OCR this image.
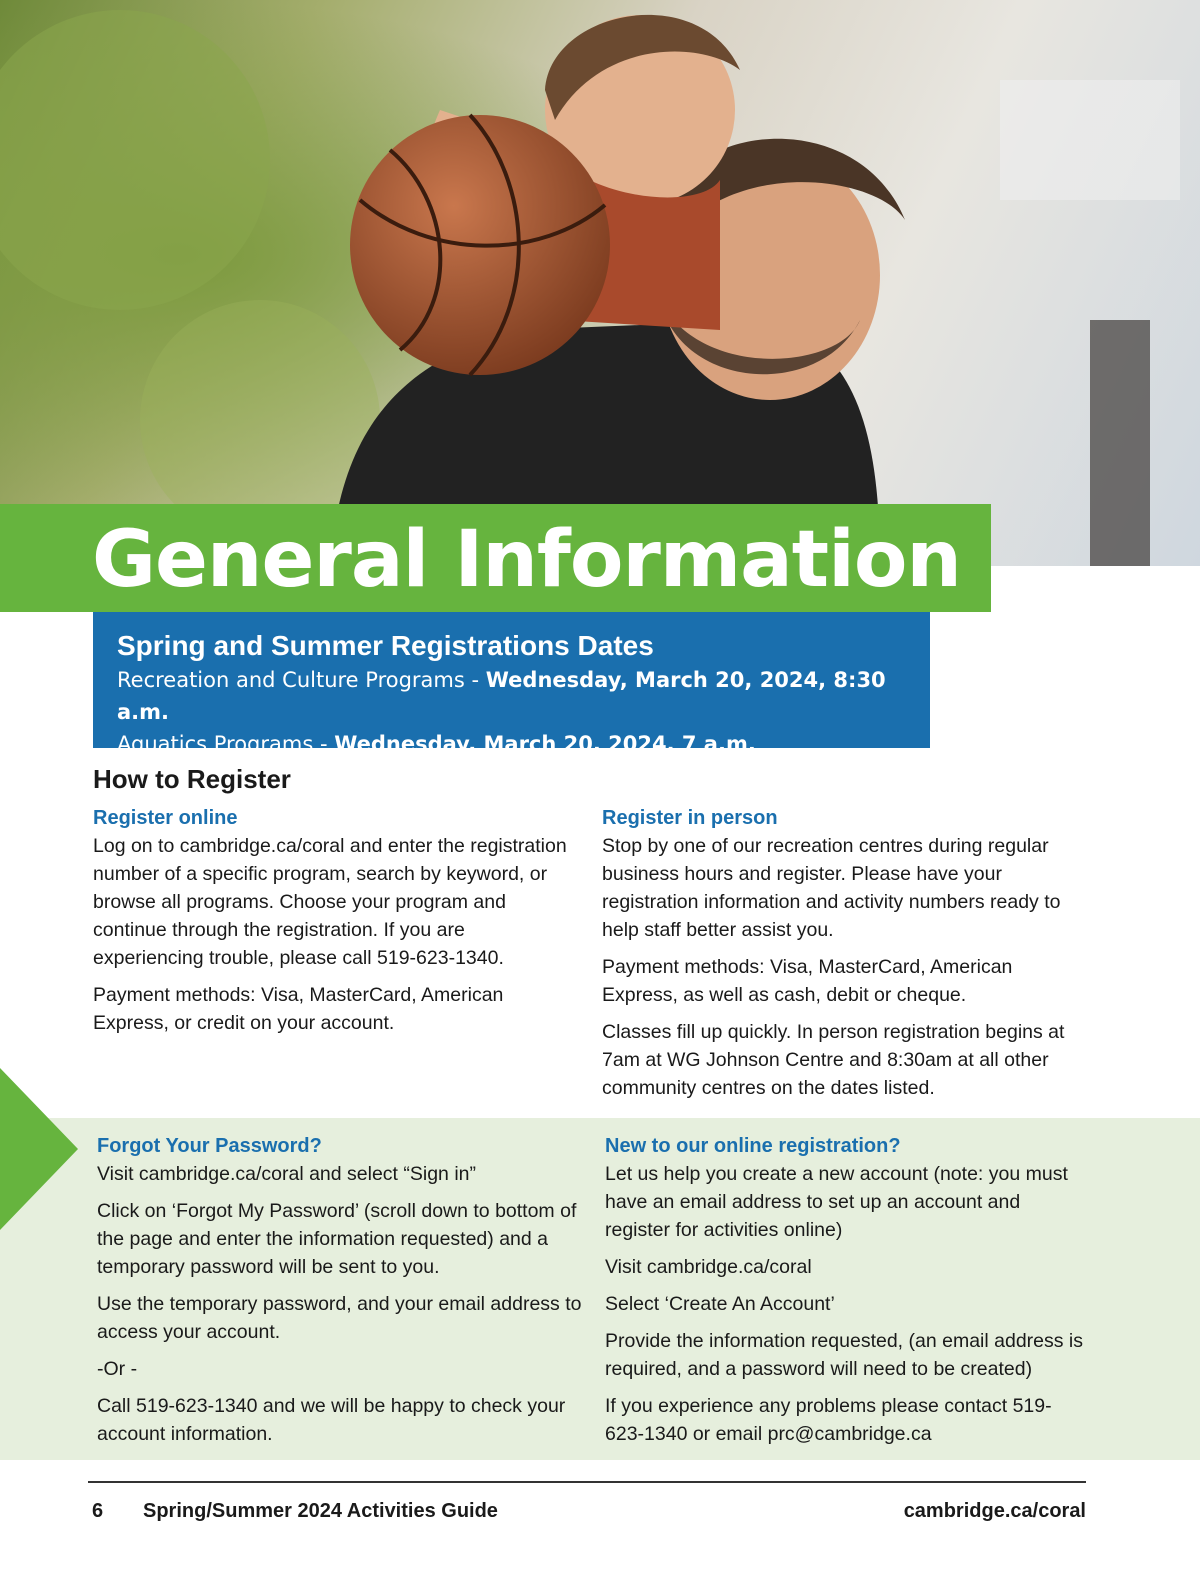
General Information
Spring and Summer Registrations Dates

Recreation and Culture Programs - Wednesday, March 20, 2024, 8:30 a.m.

Aquatics Programs - Wednesday, March 20, 2024, 7 a.m.

How to Register
Register online

Log on to cambridge.ca/coral and enter the registration number of a specific program, search by keyword, or browse all programs. Choose your program and continue through the registration. If you are experiencing trouble, please call 519-623-1340.

Payment methods: Visa, MasterCard, American Express, or credit on your account.

Register in person

Stop by one of our recreation centres during regular business hours and register. Please have your registration information and activity numbers ready to help staff better assist you.

Payment methods: Visa, MasterCard, American Express, as well as cash, debit or cheque.

Classes fill up quickly. In person registration begins at 7am at WG Johnson Centre and 8:30am at all other community centres on the dates listed.

Forgot Your Password?

Visit cambridge.ca/coral and select “Sign in”

Click on ‘Forgot My Password’ (scroll down to bottom of the page and enter the information requested) and a temporary password will be sent to you.

Use the temporary password, and your email address to access your account.

-Or -

Call 519-623-1340 and we will be happy to check your account information.

New to our online registration?

Let us help you create a new account (note: you must have an email address to set up an account and register for activities online)

Visit cambridge.ca/coral

Select ‘Create An Account’

Provide the information requested, (an email address is required, and a password will need to be created)

If you experience any problems please contact 519-623-1340 or email prc@cambridge.ca

6 Spring/Summer 2024 Activities Guide	cambridge.ca/coral
